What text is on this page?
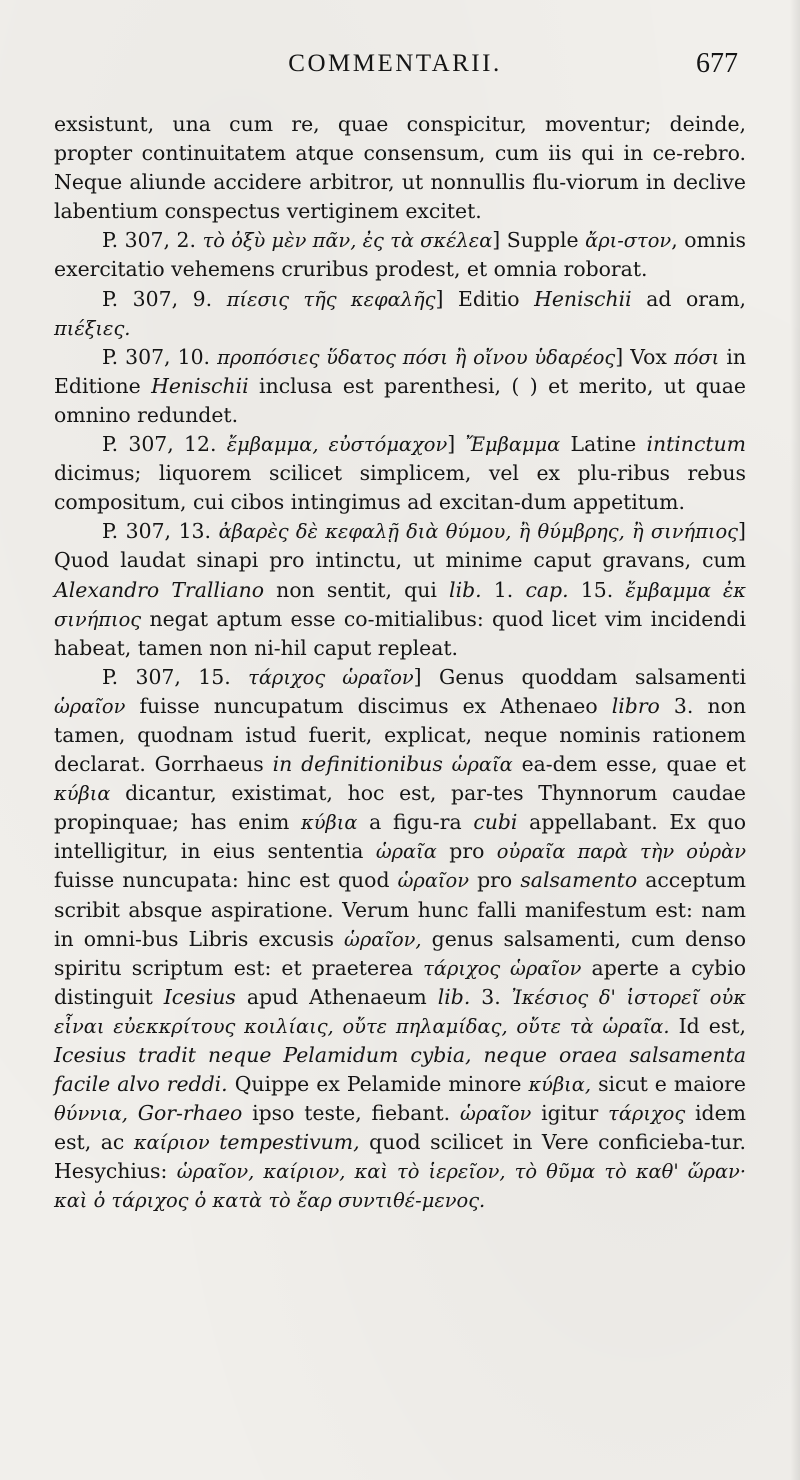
COMMENTARII.	677

exsistunt, una cum re, quae conspicitur, moventur; deinde, propter continuitatem atque consensum, cum iis qui in ce-rebro. Neque aliunde accidere arbitror, ut nonnullis flu-viorum in declive labentium conspectus vertiginem excitet.

P. 307, 2. τὸ ὀξὺ μὲν πᾶν, ἐς τὰ σκέλεα] Supple ἄρι-στον, omnis exercitatio vehemens cruribus prodest, et omnia roborat.

P. 307, 9. πίεσις τῆς κεφαλῆς] Editio Henischii ad oram, πιέξιες.

P. 307, 10. προπόσιες ὕδατος πόσι ἢ οἴνου ὑδαρέος] Vox πόσι in Editione Henischii inclusa est parenthesi, ( ) et merito, ut quae omnino redundet.

P. 307, 12. ἔμβαμμα, εὐστόμαχον] Ἔμβαμμα Latine intinctum dicimus; liquorem scilicet simplicem, vel ex plu-ribus rebus compositum, cui cibos intingimus ad excitan-dum appetitum.

P. 307, 13. ἀβαρὲς δὲ κεφαλῇ διὰ θύμου, ἢ θύμβρης, ἢ σινήπιος] Quod laudat sinapi pro intinctu, ut minime caput gravans, cum Alexandro Tralliano non sentit, qui lib. 1. cap. 15. ἔμβαμμα ἐκ σινήπιος negat aptum esse co-mitialibus: quod licet vim incidendi habeat, tamen non ni-hil caput repleat.

P. 307, 15. τάριχος ὡραῖον] Genus quoddam salsamenti ὡραῖον fuisse nuncupatum discimus ex Athenaeo libro 3. non tamen, quodnam istud fuerit, explicat, neque nominis rationem declarat. Gorrhaeus in definitionibus ὡραῖα ea-dem esse, quae et κύβια dicantur, existimat, hoc est, par-tes Thynnorum caudae propinquae; has enim κύβια a figu-ra cubi appellabant. Ex quo intelligitur, in eius sententia ὡραῖα pro οὐραῖα παρὰ τὴν οὐρὰν fuisse nuncupata: hinc est quod ὡραῖον pro salsamento acceptum scribit absque aspiratione. Verum hunc falli manifestum est: nam in omni-bus Libris excusis ὡραῖον, genus salsamenti, cum denso spiritu scriptum est: et praeterea τάριχος ὡραῖον aperte a cybio distinguit Icesius apud Athenaeum lib. 3. Ἰκέσιος δ' ἱστορεῖ οὐκ εἶναι εὐεκκρίτους κοιλίαις, οὔτε πηλαμίδας, οὔτε τὰ ὡραῖα. Id est, Icesius tradit neque Pelamidum cybia, neque oraea salsamenta facile alvo reddi. Quippe ex Pelamide minore κύβια, sicut e maiore θύννια, Gor-rhaeo ipso teste, fiebant. ὡραῖον igitur τάριχος idem est, ac καίριον tempestivum, quod scilicet in Vere conficieba-tur. Hesychius: ὡραῖον, καίριον, καὶ τὸ ἱερεῖον, τὸ θῦμα τὸ καθ' ὥραν· καὶ ὁ τάριχος ὁ κατὰ τὸ ἔαρ συντιθέ-μενος.
